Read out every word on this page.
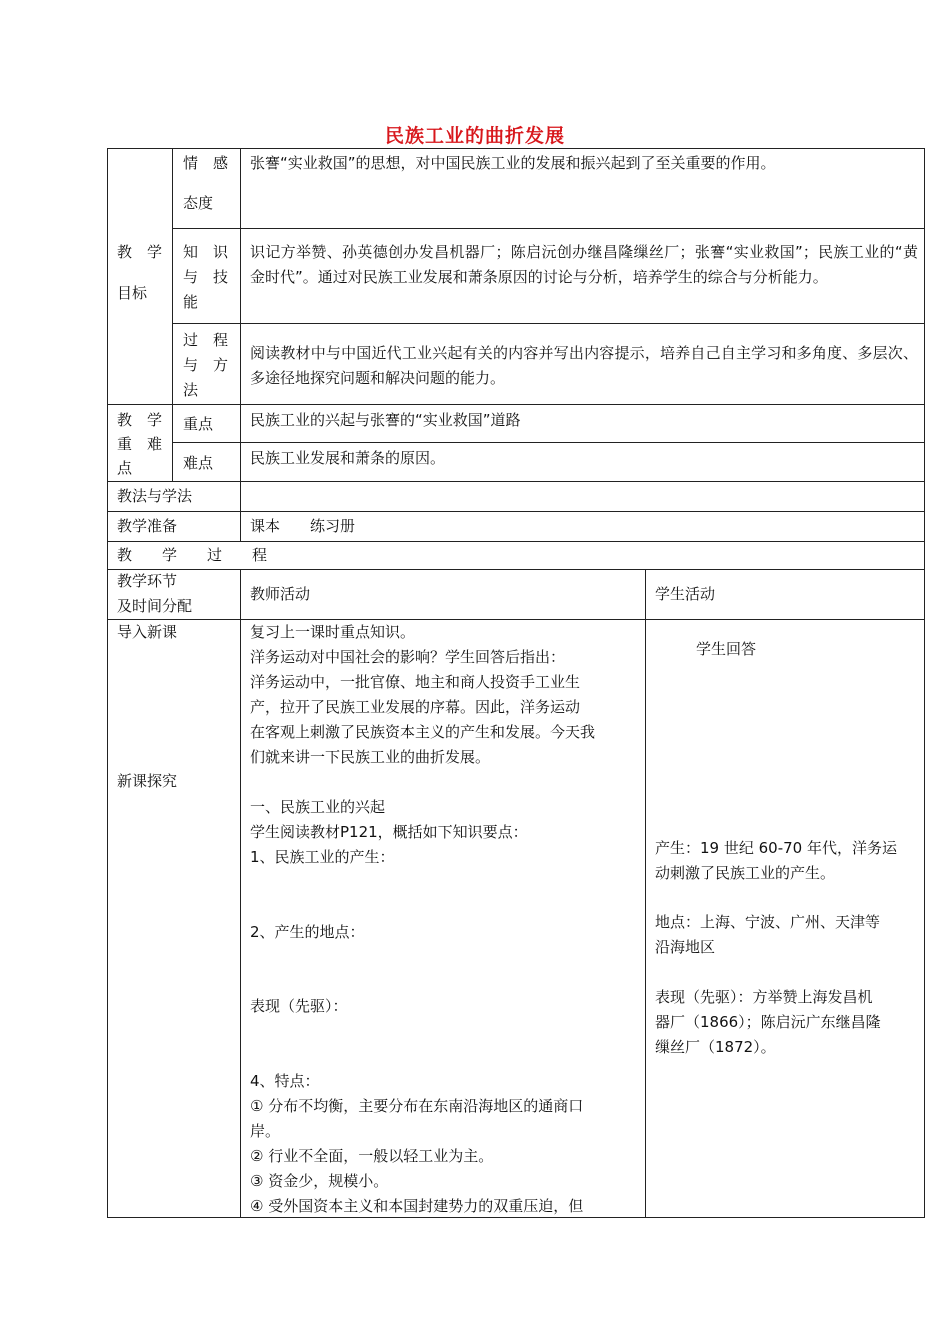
民族工业的曲折发展
教　学
目标
情　感
态度
张謇“实业救国”的思想，对中国民族工业的发展和振兴起到了至关重要的作用。
知　识
与　技
能
识记方举赞、孙英德创办发昌机器厂；陈启沅创办继昌隆缫丝厂；张謇“实业救国”；民族工业的“黄金时代”。通过对民族工业发展和萧条原因的讨论与分析，培养学生的综合与分析能力。
过　程
与　方
法
阅读教材中与中国近代工业兴起有关的内容并写出内容提示，培养自己自主学习和多角度、多层次、多途径地探究问题和解决问题的能力。
教　学
重　难
点
重点 民族工业的兴起与张謇的“实业救国”道路
难点 民族工业发展和萧条的原因。
教法与学法
教学准备	课本　　练习册
教　　学　　过　　程
教学环节
及时间分配
教师活动	学生活动
导入新课
新课探究
复习上一课时重点知识。
洋务运动对中国社会的影响？学生回答后指出：
洋务运动中，一批官僚、地主和商人投资手工业生
产，拉开了民族工业发展的序幕。因此，洋务运动
在客观上刺激了民族资本主义的产生和发展。今天我
们就来讲一下民族工业的曲折发展。
一、民族工业的兴起
学生阅读教材P121，概括如下知识要点：
1、民族工业的产生：
2、产生的地点：
表现（先驱）：
4、特点：
① 分布不均衡，主要分布在东南沿海地区的通商口
岸。
② 行业不全面，一般以轻工业为主。
③ 资金少，规模小。
④ 受外国资本主义和本国封建势力的双重压迫，但
学生回答
产生：19 世纪 60-70 年代，洋务运
动刺激了民族工业的产生。
地点：上海、宁波、广州、天津等
沿海地区
表现（先驱）：方举赞上海发昌机
器厂（1866）；陈启沅广东继昌隆
缫丝厂（1872）。
